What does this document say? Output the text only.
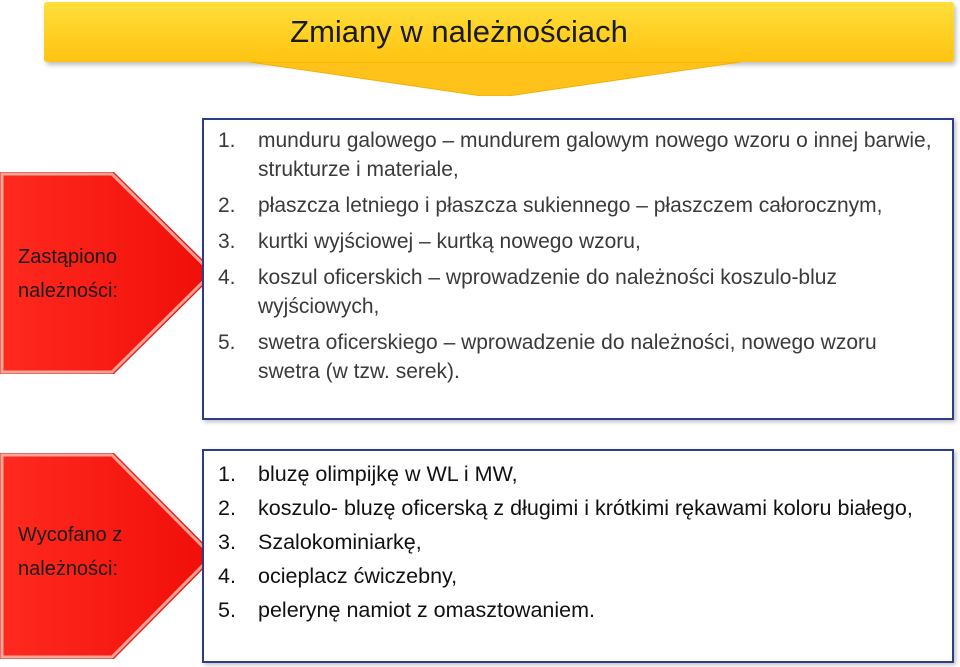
Zmiany w należnościach
Zastąpiono
należności:
Wycofano z
należności:
1. munduru galowego – mundurem galowym nowego wzoru o innej barwie, strukturze i materiale,
2. płaszcza letniego i płaszcza sukiennego – płaszczem całorocznym,
3. kurtki wyjściowej – kurtką nowego wzoru,
4. koszul oficerskich – wprowadzenie do należności koszulo-bluz wyjściowych,
5. swetra oficerskiego – wprowadzenie do należności, nowego wzoru swetra (w tzw. serek).
1. bluzę olimpijkę w WL i MW,
2. koszulo- bluzę oficerską z długimi i krótkimi rękawami koloru białego,
3. Szalokominiarkę,
4. ocieplacz ćwiczebny,
5. pelerynę namiot z omasztowaniem.
